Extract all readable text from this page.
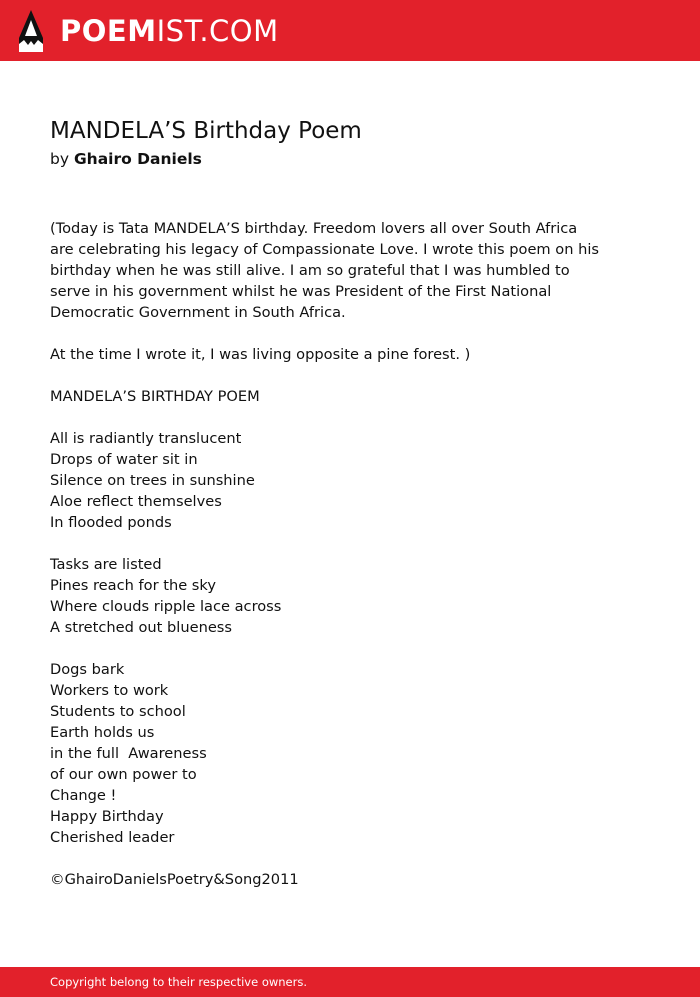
POEMIST.COM
MANDELA’S Birthday Poem
by Ghairo Daniels
(Today is Tata MANDELA’S birthday. Freedom lovers all over South Africa
are celebrating his legacy of Compassionate Love. I wrote this poem on his
birthday when he was still alive. I am so grateful that I was humbled to
serve in his government whilst he was President of the First National
Democratic Government in South Africa.
At the time I wrote it, I was living opposite a pine forest. )
MANDELA’S BIRTHDAY POEM
All is radiantly translucent
Drops of water sit in
Silence on trees in sunshine
Aloe reflect themselves
In flooded ponds
Tasks are listed
Pines reach for the sky
Where clouds ripple lace across
A stretched out blueness
Dogs bark
Workers to work
Students to school
Earth holds us
in the full  Awareness
of our own power to
Change !
Happy Birthday
Cherished leader
©GhairoDanielsPoetry&Song2011
Copyright belong to their respective owners.
